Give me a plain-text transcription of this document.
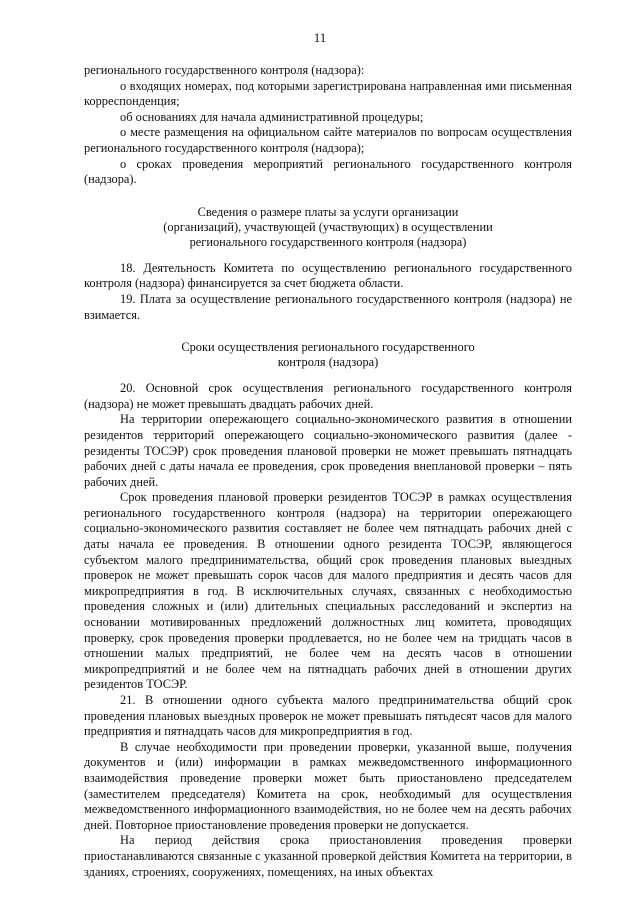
11

регионального государственного контроля (надзора):

о входящих номерах, под которыми зарегистрирована направленная ими письменная корреспонденция;

об основаниях для начала административной процедуры;

о месте размещения на официальном сайте материалов по вопросам осуществления регионального государственного контроля (надзора);

о сроках проведения мероприятий регионального государственного контроля (надзора).

Сведения о размере платы за услуги организации
(организаций), участвующей (участвующих) в осуществлении
регионального государственного контроля (надзора)

18. Деятельность Комитета по осуществлению регионального государственного контроля (надзора) финансируется за счет бюджета области.

19. Плата за осуществление регионального государственного контроля (надзора) не взимается.

Сроки осуществления регионального государственного
контроля (надзора)

20. Основной срок осуществления регионального государственного контроля (надзора) не может превышать двадцать рабочих дней.

На территории опережающего социально-экономического развития в отношении резидентов территорий опережающего социально-экономического развития (далее - резиденты ТОСЭР) срок проведения плановой проверки не может превышать пятнадцать рабочих дней с даты начала ее проведения, срок проведения внеплановой проверки – пять рабочих дней.

Срок проведения плановой проверки резидентов ТОСЭР в рамках осуществления регионального государственного контроля (надзора) на территории опережающего социально-экономического развития составляет не более чем пятнадцать рабочих дней с даты начала ее проведения. В отношении одного резидента ТОСЭР, являющегося субъектом малого предпринимательства, общий срок проведения плановых выездных проверок не может превышать сорок часов для малого предприятия и десять часов для микропредприятия в год. В исключительных случаях, связанных с необходимостью проведения сложных и (или) длительных специальных расследований и экспертиз на основании мотивированных предложений должностных лиц комитета, проводящих проверку, срок проведения проверки продлевается, но не более чем на тридцать часов в отношении малых предприятий, не более чем на десять часов в отношении микропредприятий и не более чем на пятнадцать рабочих дней в отношении других резидентов ТОСЭР.

21. В отношении одного субъекта малого предпринимательства общий срок проведения плановых выездных проверок не может превышать пятьдесят часов для малого предприятия и пятнадцать часов для микропредприятия в год.

В случае необходимости при проведении проверки, указанной выше, получения документов и (или) информации в рамках межведомственного информационного взаимодействия проведение проверки может быть приостановлено председателем (заместителем председателя) Комитета на срок, необходимый для осуществления межведомственного информационного взаимодействия, но не более чем на десять рабочих дней. Повторное приостановление проведения проверки не допускается.

На период действия срока приостановления проведения проверки приостанавливаются связанные с указанной проверкой действия Комитета на территории, в зданиях, строениях, сооружениях, помещениях, на иных объектах
